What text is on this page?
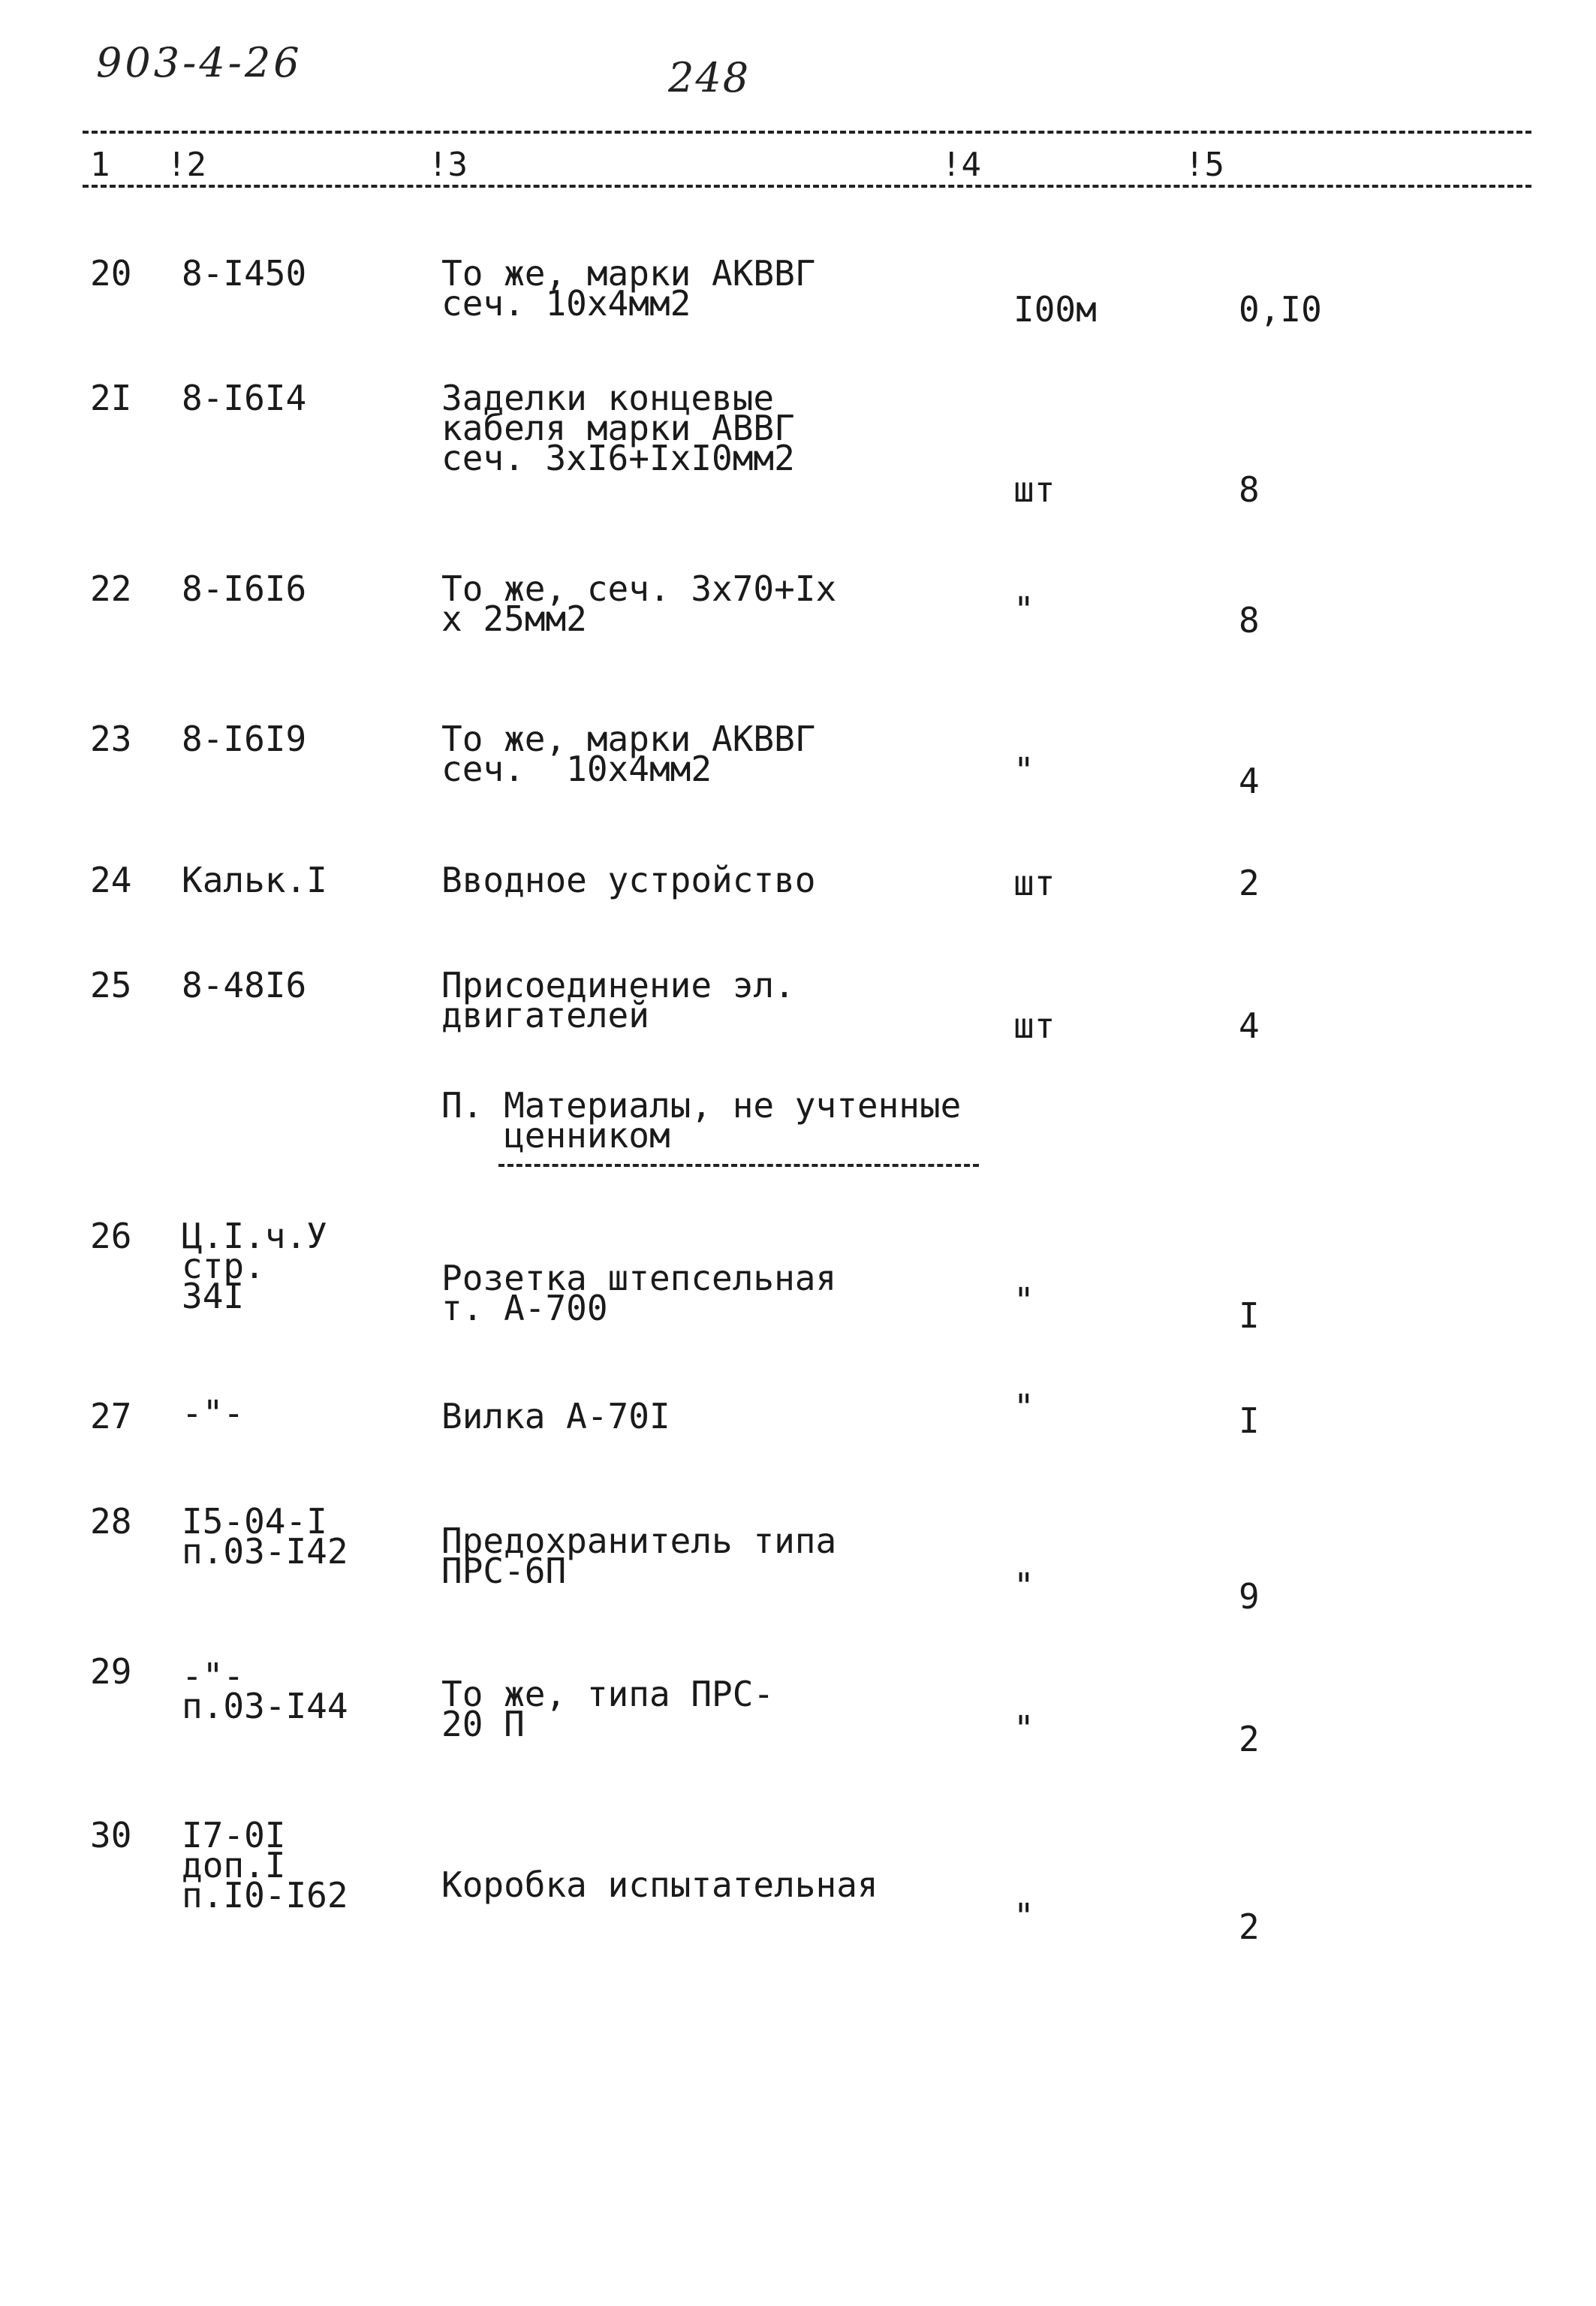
903-4-26	248
1 !2	!3	!4	!5
20 8-I450	То же, марки АКВВГ
сеч. 10х4мм2	I00м	0,I0
2I 8-I6I4	Заделки концевые
кабеля марки АВВГ
сеч. 3хI6+IхI0мм2
шт	8
22 8-I6I6	То же, сеч. 3х70+Iх
х 25мм2	"	8
23 8-I6I9	То же, марки АКВВГ
сеч.  10х4мм2	"	4
24 Кальк.I	Вводное устройство	шт	2
25 8-48I6	Присоединение эл.
двигателей	шт	4
П. Материалы, не учтенные
ценником
26 Ц.I.ч.У
стр.
34I	Розетка штепсельная
т. А-700	"	I
27 -"-	Вилка А-70I	"	I
28 I5-04-I
п.03-I42	Предохранитель типа
ПРС-6П	"	9
29 -"-
п.03-I44	То же, типа ПРС-
20 П	"	2
30 I7-0I
доп.I
п.I0-I62	Коробка испытательная
"	2
